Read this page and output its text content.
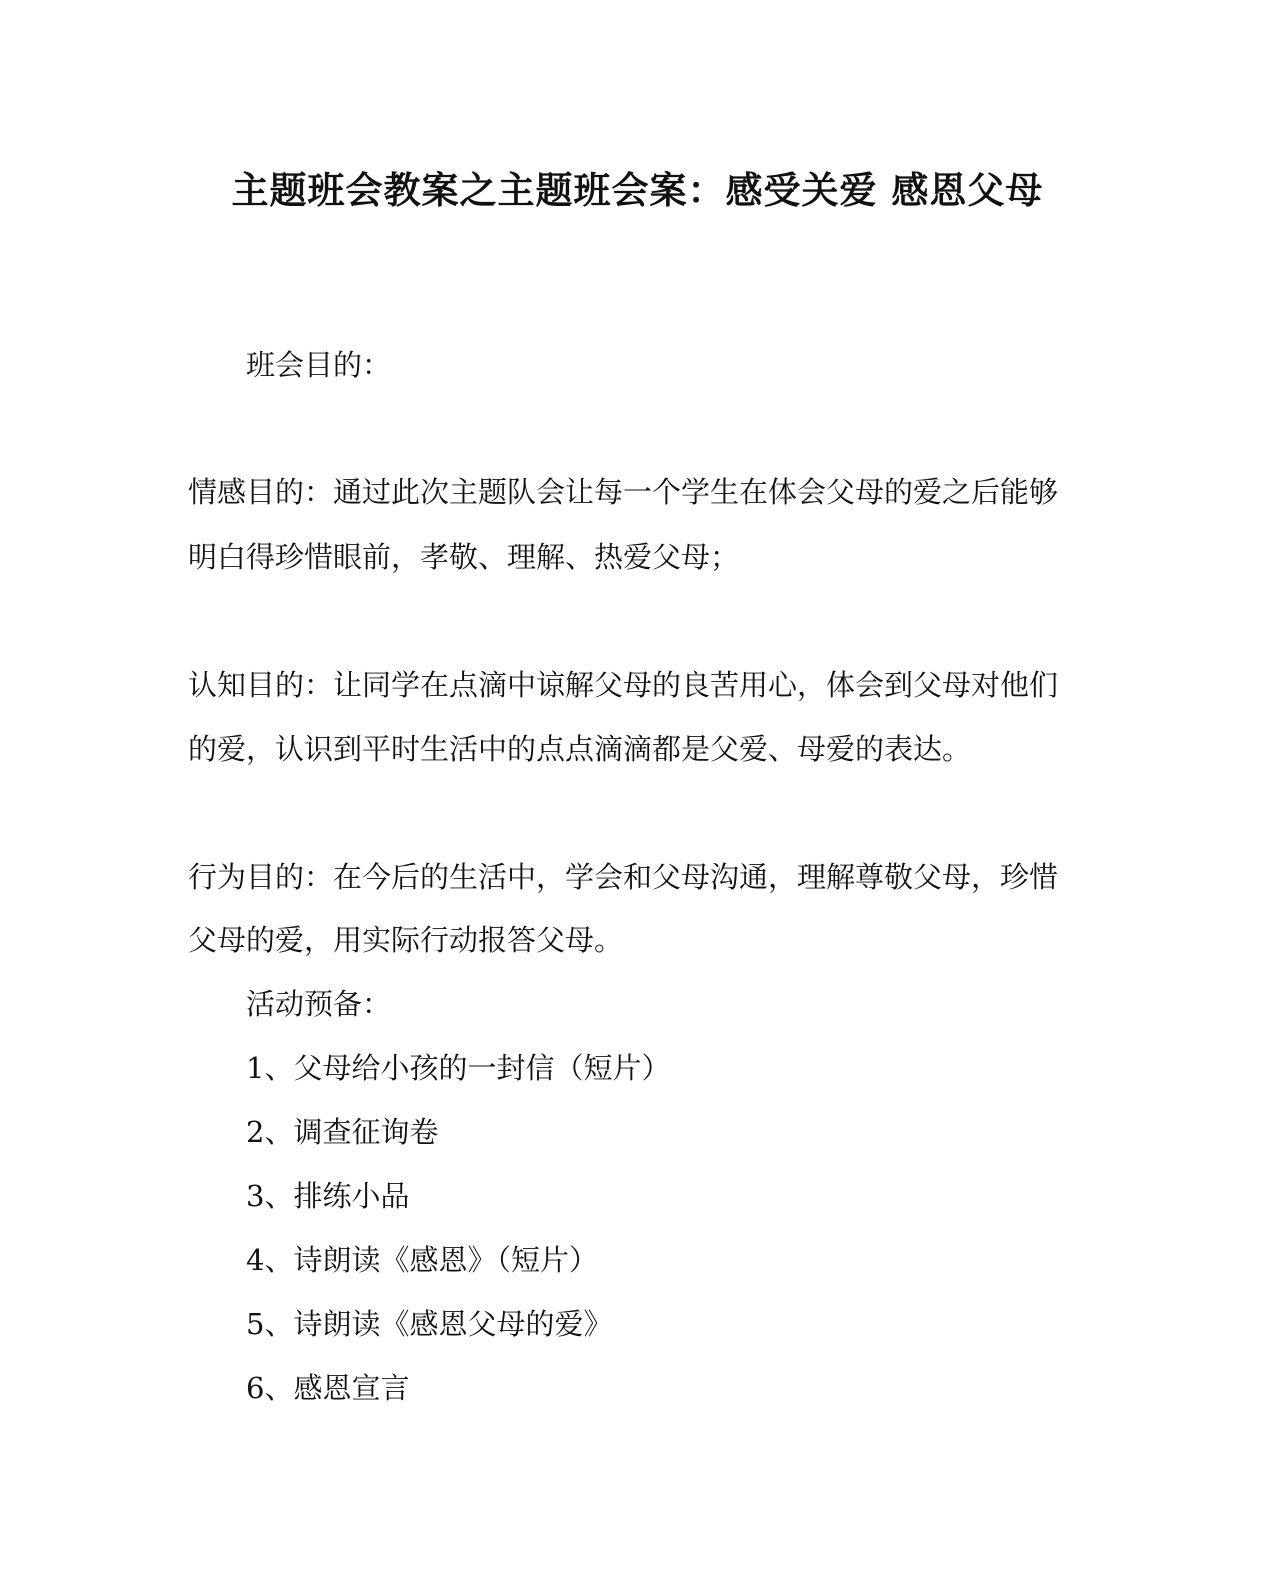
主题班会教案之主题班会案：感受关爱 感恩父母
班会目的：
情感目的：通过此次主题队会让每一个学生在体会父母的爱之后能够
明白得珍惜眼前，孝敬、理解、热爱父母；
认知目的：让同学在点滴中谅解父母的良苦用心，体会到父母对他们
的爱，认识到平时生活中的点点滴滴都是父爱、母爱的表达。
行为目的：在今后的生活中，学会和父母沟通，理解尊敬父母，珍惜
父母的爱，用实际行动报答父母。
活动预备：
1、父母给小孩的一封信（短片）
2、调查征询卷
3、排练小品
4、诗朗读《感恩》（短片）
5、诗朗读《感恩父母的爱》
6、感恩宣言
